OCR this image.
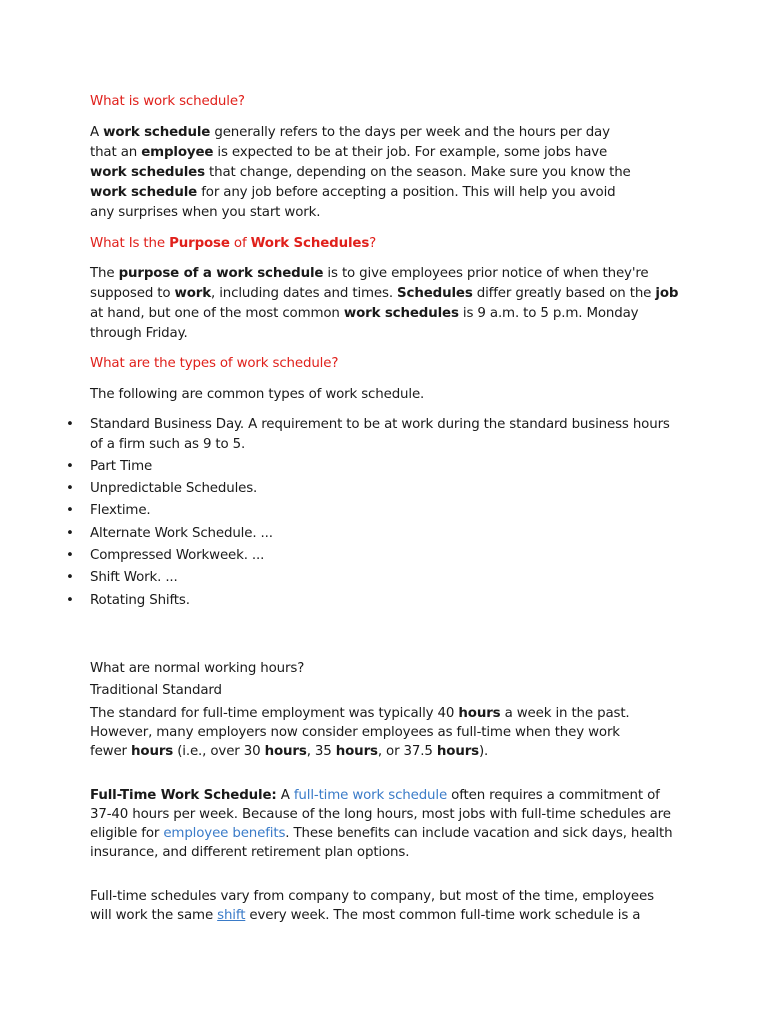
What is work schedule?
A work schedule generally refers to the days per week and the hours per day that an employee is expected to be at their job. For example, some jobs have work schedules that change, depending on the season. Make sure you know the work schedule for any job before accepting a position. This will help you avoid any surprises when you start work.
What Is the Purpose of Work Schedules?
The purpose of a work schedule is to give employees prior notice of when they're supposed to work, including dates and times. Schedules differ greatly based on the job at hand, but one of the most common work schedules is 9 a.m. to 5 p.m. Monday through Friday.
What are the types of work schedule?
The following are common types of work schedule.
• Standard Business Day. A requirement to be at work during the standard business hours of a firm such as 9 to 5.
• Part Time
• Unpredictable Schedules.
• Flextime.
• Alternate Work Schedule. ...
• Compressed Workweek. ...
• Shift Work. ...
• Rotating Shifts.
What are normal working hours?
Traditional Standard
The standard for full-time employment was typically 40 hours a week in the past. However, many employers now consider employees as full-time when they work fewer hours (i.e., over 30 hours, 35 hours, or 37.5 hours).
Full-Time Work Schedule: A full-time work schedule often requires a commitment of 37-40 hours per week. Because of the long hours, most jobs with full-time schedules are eligible for employee benefits. These benefits can include vacation and sick days, health insurance, and different retirement plan options.
Full-time schedules vary from company to company, but most of the time, employees will work the same shift every week. The most common full-time work schedule is a
